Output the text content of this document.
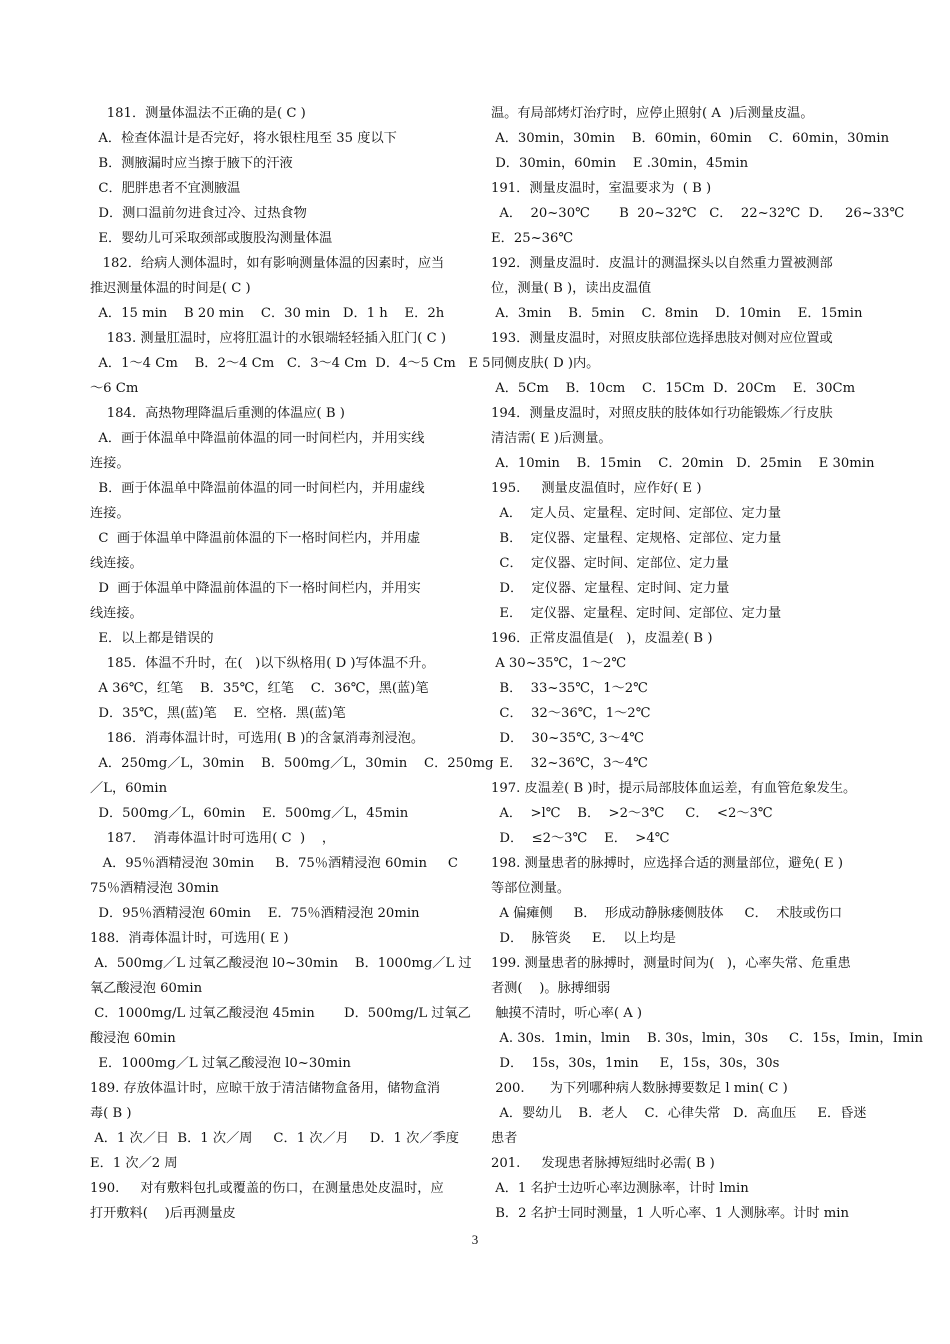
181．测量体温法不正确的是( C )
A．检查体温计是否完好，将水银柱甩至 35 度以下
B．测腋漏时应当擦于腋下的汗液
C．肥胖患者不宜测腋温
D．测口温前勿进食过冷、过热食物
E．婴幼儿可采取颈部或腹股沟测量体温
182．给病人测体温时，如有影响测量体温的因素时，应当
推迟测量体温的时间是( C )
A．15 min    B 20 min    C．30 min   D．1 h    E．2h
183. 测量肛温时，应将肛温计的水银端轻轻插入肛门( C )
A．1～4 Cm    B．2～4 Cm   C．3～4 Cm  D．4～5 Cm   E 5
～6 Cm
184．高热物理降温后重测的体温应( B )
A．画于体温单中降温前体温的同一时间栏内，并用实线
连接。
B．画于体温单中降温前体温的同一时间栏内，并用虚线
连接。
C  画于体温单中降温前体温的下一格时间栏内，并用虚
线连接。
D  画于体温单中降温前体温的下一格时间栏内，并用实
线连接。
E．以上都是错误的
185．体温不升时，在(   )以下纵格用( D )写体温不升。
A 36℃，红笔    B．35℃，红笔    C．36℃，黑(蓝)笔
D．35℃，黑(蓝)笔    E．空格．黑(蓝)笔
186．消毒体温计时，可选用( B )的含氯消毒剂浸泡。
A．250mg／L，30min    B．500mg／L，30min    C．250mg
／L，60min
D．500mg／L，60min    E．500mg／L，45min
187．  消毒体温计时可选用( C  )    ，
A．95％酒精浸泡 30min     B．75％酒精浸泡 60min     C
75％酒精浸泡 30min
D．95％酒精浸泡 60min    E．75％酒精浸泡 20min
188．消毒体温计时，可选用( E )
A．500mg／L 过氧乙酸浸泡 l0~30min    B．1000mg／L 过
氧乙酸浸泡 60min
C．1000mg/L 过氧乙酸浸泡 45min       D．500mg/L 过氧乙
酸浸泡 60min
E．1000mg／L 过氧乙酸浸泡 l0~30min
189. 存放体温计时，应晾干放于清洁储物盒备用，储物盒消
毒( B )
A．1 次／日  B．1 次／周     C．1 次／月     D．1 次／季度
E．1 次／2 周
190.     对有敷料包扎或覆盖的伤口，在测量患处皮温时，应
打开敷料(    )后再测量皮
温。有局部烤灯治疗时，应停止照射( A  )后测量皮温。
A．30min，30min    B．60min，60min    C．60min，30min
D．30min，60min    E .30min，45min
191．测量皮温时，室温要求为  ( B )
A．  20~30℃       B  20~32℃   C．  22~32℃  D．   26~33℃
E．25~36℃
192．测量皮温时．皮温计的测温探头以自然重力置被测部
位，测量( B )，读出皮温值
A．3min    B．5min    C．8min    D．10min    E．15min
193．测量皮温时，对照皮肤部位选择患肢对侧对应位置或
同侧皮肤( D )内。
A．5Cm    B．10cm    C．15Cm  D．20Cm    E．30Cm
194．测量皮温时，对照皮肤的肢体如行功能锻炼／行皮肤
清洁需( E )后测量。
A．10min    B．15min    C．20min   D．25min    E 30min
195.     测量皮温值时，应作好( E )
A．  定人员、定量程、定时间、定部位、定力量
B．  定仪器、定量程、定规格、定部位、定力量
C．  定仪器、定时间、定部位、定力量
D．  定仪器、定量程、定时间、定力量
E．  定仪器、定量程、定时间、定部位、定力量
196．正常皮温值是(   )，皮温差( B )
A 30~35℃，1～2℃
B．  33~35℃，1～2℃
C．  32～36℃，1～2℃
D．  30~35℃, 3～4℃
E．  32~36℃，3～4℃
197. 皮温差( B )时，提示局部肢体血运差，有血管危象发生。
A．  >l℃    B．  >2～3℃     C．  <2～3℃
D．  ≤2～3℃    E．  >4℃
198. 测量患者的脉搏时，应选择合适的测量部位，避免( E )
等部位测量。
A 偏瘫侧     B．  形成动静脉瘘侧肢体     C．  术肢或伤口
D．  脉管炎     E．  以上均是
199. 测量患者的脉搏时，测量时间为(   )，心率失常、危重患
者测(    )。脉搏细弱
触摸不清时，听心率( A )
A. 30s．1min，lmin    B. 30s，lmin，30s     C．15s，Imin，Imin
D．  15s，30s，1min     E，15s，30s，30s
200.      为下列哪种病人数脉搏要数足 l min( C )
A．婴幼儿    B．老人    C．心律失常   D．高血压     E．昏迷
患者
201.     发现患者脉搏短绌时必需( B )
A．1 名护士边听心率边测脉率，计时 lmin
B．2 名护士同时测量，1 人听心率、1 人测脉率。计时 min
3
